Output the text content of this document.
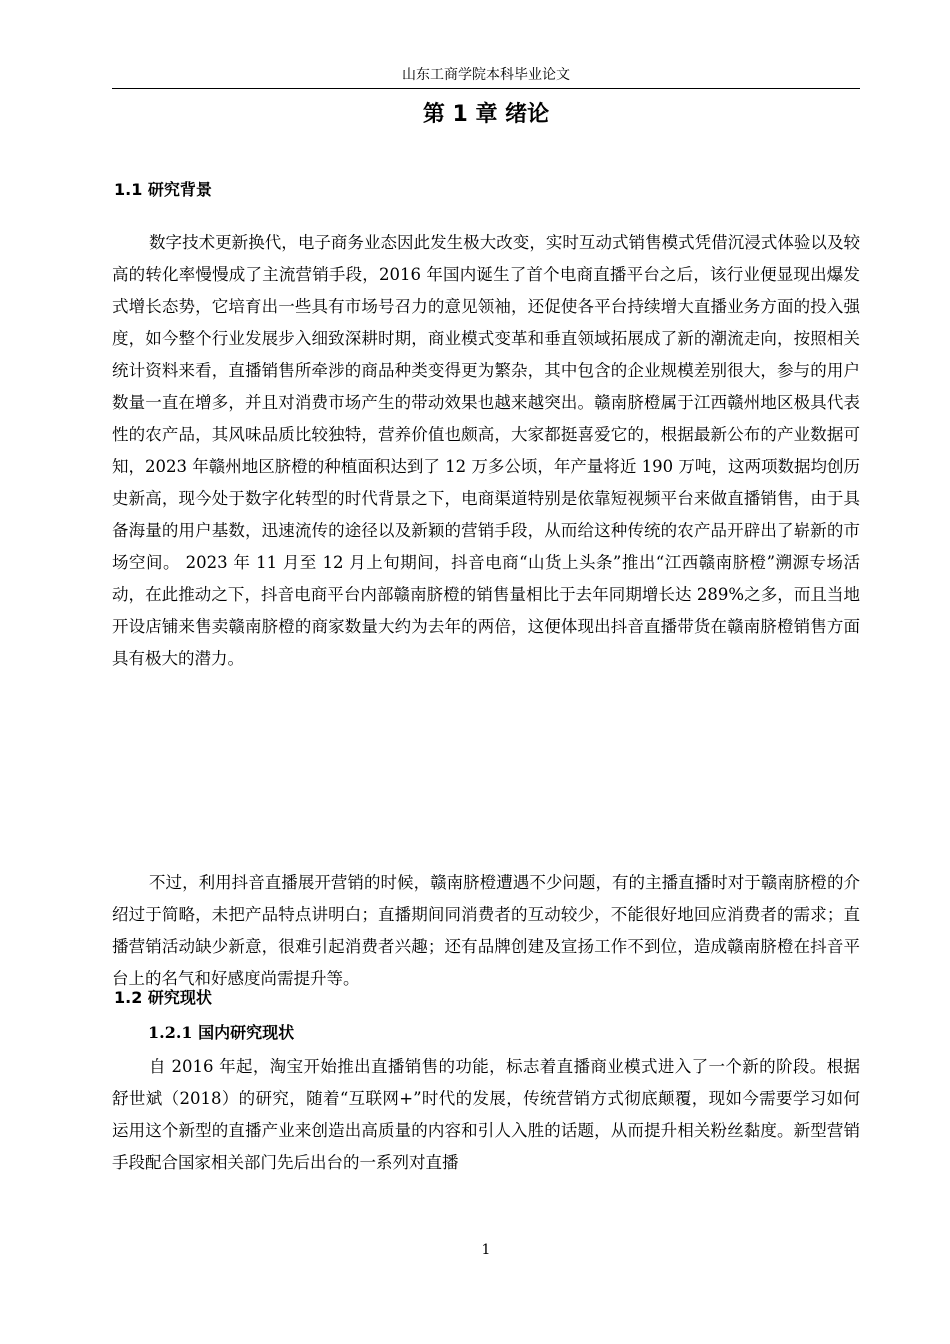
山东工商学院本科毕业论文
第 1 章 绪论
1.1 研究背景

数字技术更新换代，电子商务业态因此发生极大改变，实时互动式销售模式凭借沉浸式体验以及较高的转化率慢慢成了主流营销手段，2016 年国内诞生了首个电商直播平台之后，该行业便显现出爆发式增长态势，它培育出一些具有市场号召力的意见领袖，还促使各平台持续增大直播业务方面的投入强度，如今整个行业发展步入细致深耕时期，商业模式变革和垂直领域拓展成了新的潮流走向，按照相关统计资料来看，直播销售所牵涉的商品种类变得更为繁杂，其中包含的企业规模差别很大，参与的用户数量一直在增多，并且对消费市场产生的带动效果也越来越突出。赣南脐橙属于江西赣州地区极具代表性的农产品，其风味品质比较独特，营养价值也颇高，大家都挺喜爱它的，根据最新公布的产业数据可知，2023 年赣州地区脐橙的种植面积达到了 12 万多公顷，年产量将近 190 万吨，这两项数据均创历史新高，现今处于数字化转型的时代背景之下，电商渠道特别是依靠短视频平台来做直播销售，由于具备海量的用户基数，迅速流传的途径以及新颖的营销手段，从而给这种传统的农产品开辟出了崭新的市场空间。 2023 年 11 月至 12 月上旬期间，抖音电商“山货上头条”推出“江西赣南脐橙”溯源专场活动，在此推动之下，抖音电商平台内部赣南脐橙的销售量相比于去年同期增长达 289%之多，而且当地开设店铺来售卖赣南脐橙的商家数量大约为去年的两倍，这便体现出抖音直播带货在赣南脐橙销售方面具有极大的潜力。

不过，利用抖音直播展开营销的时候，赣南脐橙遭遇不少问题，有的主播直播时对于赣南脐橙的介绍过于简略，未把产品特点讲明白；直播期间同消费者的互动较少，不能很好地回应消费者的需求；直播营销活动缺少新意，很难引起消费者兴趣；还有品牌创建及宣扬工作不到位，造成赣南脐橙在抖音平台上的名气和好感度尚需提升等。

1.2 研究现状
1.2.1 国内研究现状

自 2016 年起，淘宝开始推出直播销售的功能，标志着直播商业模式进入了一个新的阶段。根据舒世斌（2018）的研究，随着“互联网+”时代的发展，传统营销方式彻底颠覆，现如今需要学习如何运用这个新型的直播产业来创造出高质量的内容和引人入胜的话题，从而提升相关粉丝黏度。新型营销手段配合国家相关部门先后出台的一系列对直播

1
